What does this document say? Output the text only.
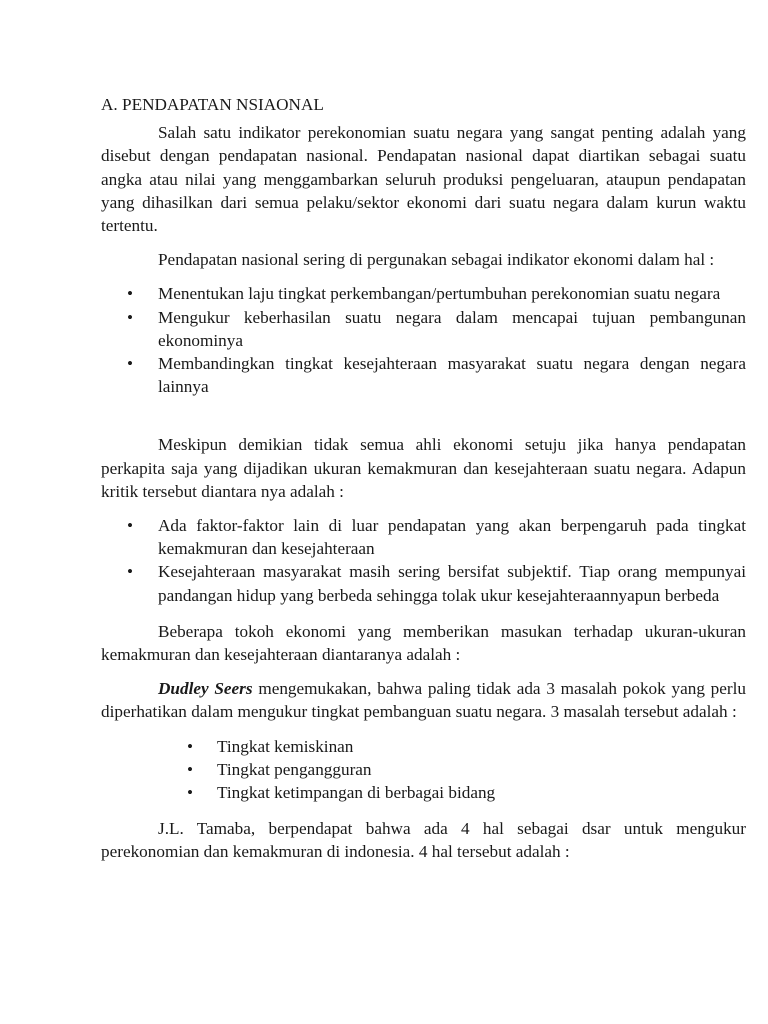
A. PENDAPATAN NSIAONAL

Salah satu indikator perekonomian suatu negara yang sangat penting adalah yang disebut dengan pendapatan nasional. Pendapatan nasional dapat diartikan sebagai suatu angka atau nilai yang menggambarkan seluruh produksi pengeluaran, ataupun pendapatan yang dihasilkan dari semua pelaku/sektor ekonomi dari suatu negara dalam kurun waktu tertentu.

Pendapatan nasional sering di pergunakan sebagai indikator ekonomi dalam hal :

• Menentukan laju tingkat perkembangan/pertumbuhan perekonomian suatu negara
• Mengukur keberhasilan suatu negara dalam mencapai tujuan pembangunan ekonominya
• Membandingkan tingkat kesejahteraan masyarakat suatu negara dengan negara lainnya

Meskipun demikian tidak semua ahli ekonomi setuju jika hanya pendapatan perkapita saja yang dijadikan ukuran kemakmuran dan kesejahteraan suatu negara. Adapun kritik tersebut diantara nya adalah :

• Ada faktor-faktor lain di luar pendapatan yang akan berpengaruh pada tingkat kemakmuran dan kesejahteraan
• Kesejahteraan masyarakat masih sering bersifat subjektif. Tiap orang mempunyai pandangan hidup yang berbeda sehingga tolak ukur kesejahteraannyapun berbeda

Beberapa tokoh ekonomi yang memberikan masukan terhadap ukuran-ukuran kemakmuran dan kesejahteraan diantaranya adalah :

Dudley Seers mengemukakan, bahwa paling tidak ada 3 masalah pokok yang perlu diperhatikan dalam mengukur tingkat pembanguan suatu negara. 3 masalah tersebut adalah :

• Tingkat kemiskinan
• Tingkat pengangguran
• Tingkat ketimpangan di berbagai bidang

J.L. Tamaba, berpendapat bahwa ada 4 hal sebagai dsar untuk mengukur perekonomian dan kemakmuran di indonesia. 4 hal tersebut adalah :
